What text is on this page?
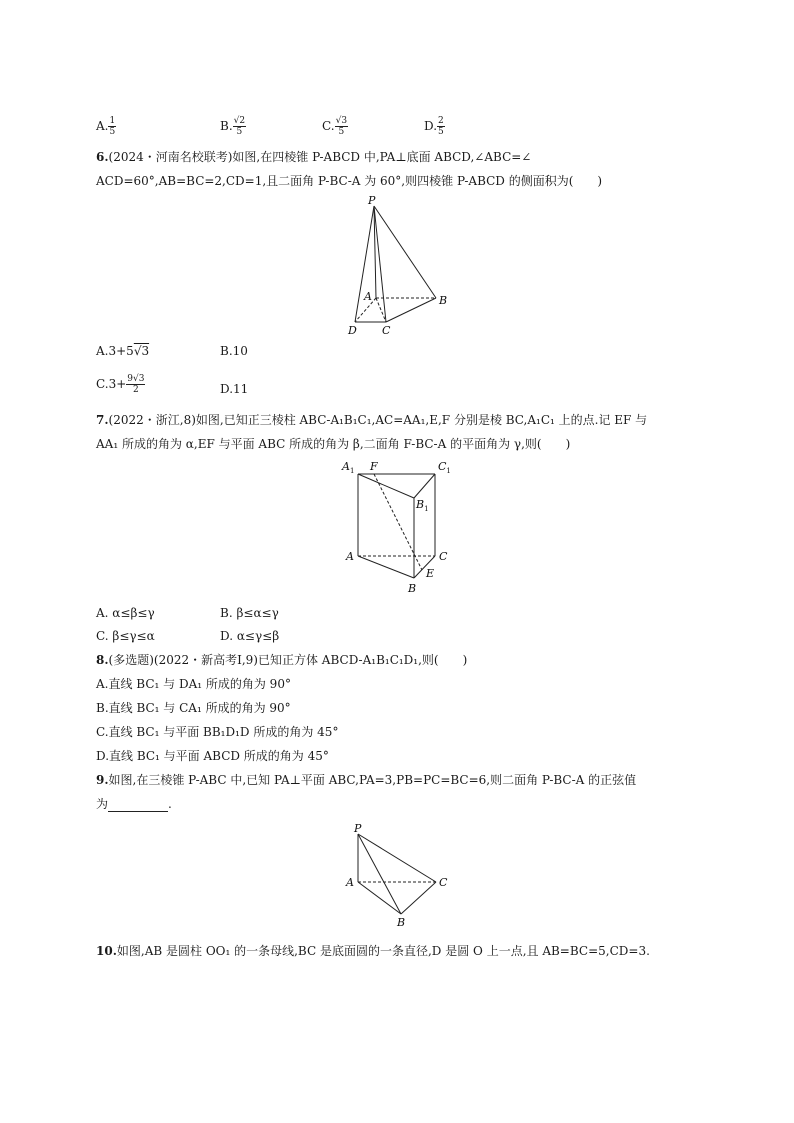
A. $\frac{1}{5}$	B. $\frac{√2}{5}$	C. $\frac{√3}{5}$	D. $\frac{2}{5}$
6.(2024・河南名校联考)如图,在四棱锥 P-ABCD 中,PA⊥底面 ABCD,∠ABC=∠
ACD=60°,AB=BC=2,CD=1,且二面角 P-BC-A 为 60°,则四棱锥 P-ABCD 的侧面积为(　　)
P
A	B
C
D
A.3+5√3	B.10
$C.3+ \frac{9√3}{2}$	D.11
7.(2022・浙江,8)如图,已知正三棱柱 ABC-A₁B₁C₁,AC=AA₁,E,F 分别是棱 BC,A₁C₁ 上的点.记 EF 与
AA₁ 所成的角为 α,EF 与平面 ABC 所成的角为 β,二面角 F-BC-A 的平面角为 γ,则(　　)
$A_1$ F	$C_1$
$B_1$
A	C
E
B
A. α≤β≤γ	B. β≤α≤γ
C. β≤γ≤α	D. α≤γ≤β
8.(多选题)(2022・新高考Ⅰ,9)已知正方体 ABCD-A₁B₁C₁D₁,则(　　)
A.直线 BC₁ 与 DA₁ 所成的角为 90°
B.直线 BC₁ 与 CA₁ 所成的角为 90°
C.直线 BC₁ 与平面 BB₁D₁D 所成的角为 45°
D.直线 BC₁ 与平面 ABCD 所成的角为 45°
9.如图,在三棱锥 P-ABC 中,已知 PA⊥平面 ABC,PA=3,PB=PC=BC=6,则二面角 P-BC-A 的正弦值
为	.
P
A	C
B
10.如图,AB 是圆柱 OO₁ 的一条母线,BC 是底面圆的一条直径,D 是圆 O 上一点,且 AB=BC=5,CD=3.
